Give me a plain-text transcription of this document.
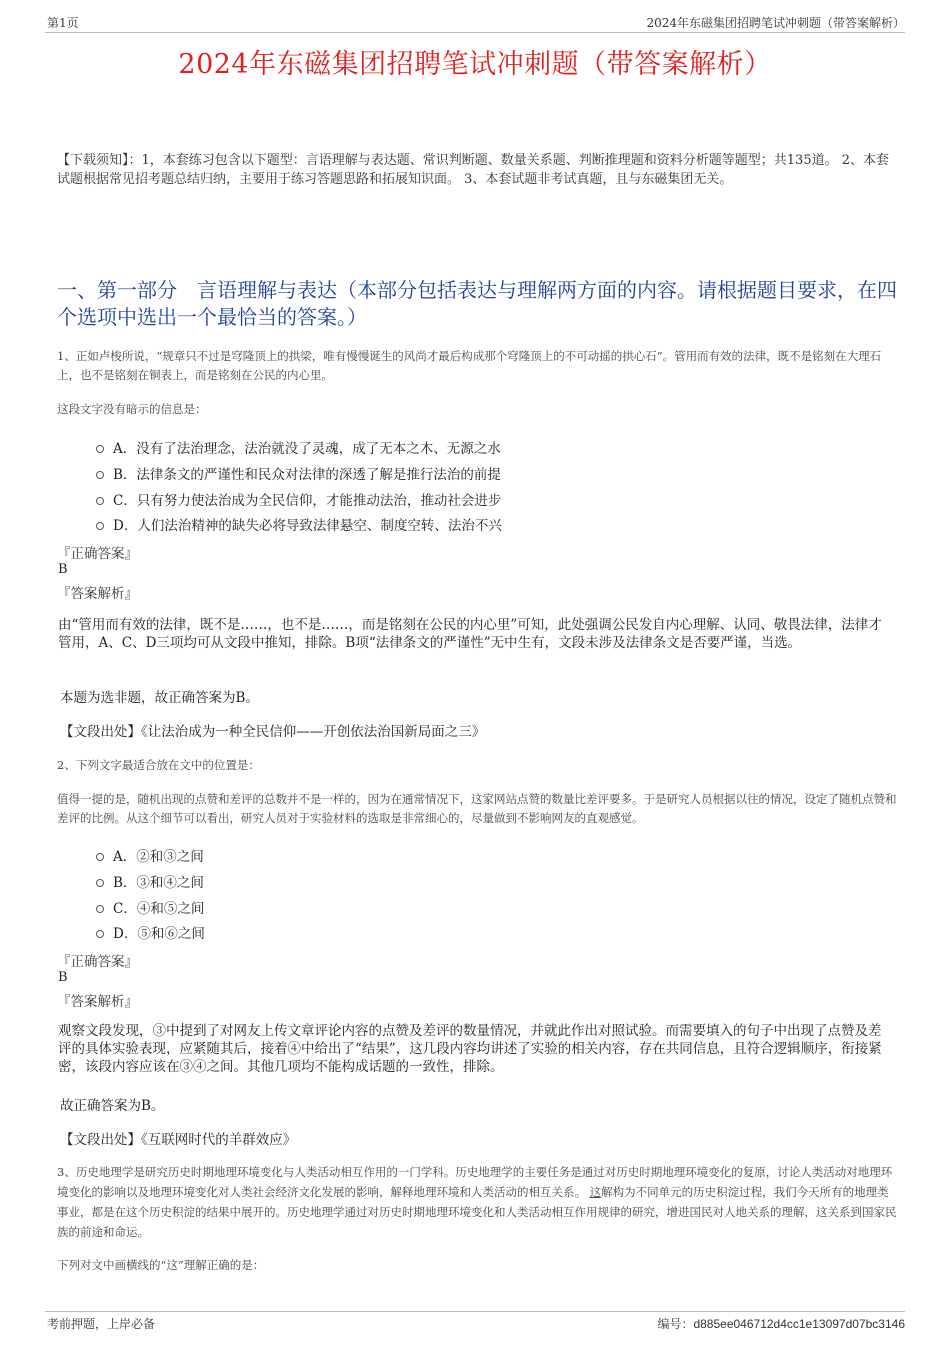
第1页	2024年东磁集团招聘笔试冲刺题（带答案解析）
2024年东磁集团招聘笔试冲刺题（带答案解析）
【下载须知】：1，本套练习包含以下题型：言语理解与表达题、常识判断题、数量关系题、判断推理题和资料分析题等题型；共135道。 2、本套试题根据常见招考题总结归纳，主要用于练习答题思路和拓展知识面。 3、本套试题非考试真题，且与东磁集团无关。
一、第一部分　言语理解与表达（本部分包括表达与理解两方面的内容。请根据题目要求，在四个选项中选出一个最恰当的答案。）
1、正如卢梭所说，“规章只不过是穹隆顶上的拱梁，唯有慢慢诞生的风尚才最后构成那个穹隆顶上的不可动摇的拱心石”。管用而有效的法律，既不是铭刻在大理石上，也不是铭刻在铜表上，而是铭刻在公民的内心里。
这段文字没有暗示的信息是：
A．没有了法治理念，法治就没了灵魂，成了无本之木、无源之水
B．法律条文的严谨性和民众对法律的深透了解是推行法治的前提
C．只有努力使法治成为全民信仰，才能推动法治，推动社会进步
D．人们法治精神的缺失必将导致法律悬空、制度空转、法治不兴
『正确答案』
B
『答案解析』
由“管用而有效的法律，既不是……，也不是……，而是铭刻在公民的内心里”可知，此处强调公民发自内心理解、认同、敬畏法律，法律才管用，A、C、D三项均可从文段中推知，排除。B项“法律条文的严谨性”无中生有，文段未涉及法律条文是否要严谨，当选。
本题为选非题，故正确答案为B。
【文段出处】《让法治成为一种全民信仰——开创依法治国新局面之三》
2、下列文字最适合放在文中的位置是：
值得一提的是，随机出现的点赞和差评的总数并不是一样的，因为在通常情况下，这家网站点赞的数量比差评要多。于是研究人员根据以往的情况，设定了随机点赞和差评的比例。从这个细节可以看出，研究人员对于实验材料的选取是非常细心的，尽量做到不影响网友的直观感觉。
A．②和③之间
B．③和④之间
C．④和⑤之间
D．⑤和⑥之间
『正确答案』
B
『答案解析』
观察文段发现，③中提到了对网友上传文章评论内容的点赞及差评的数量情况，并就此作出对照试验。而需要填入的句子中出现了点赞及差评的具体实验表现，应紧随其后，接着④中给出了“结果”，这几段内容均讲述了实验的相关内容，存在共同信息，且符合逻辑顺序，衔接紧密，该段内容应该在③④之间。其他几项均不能构成话题的一致性，排除。
故正确答案为B。
【文段出处】《互联网时代的羊群效应》
3、历史地理学是研究历史时期地理环境变化与人类活动相互作用的一门学科。历史地理学的主要任务是通过对历史时期地理环境变化的复原，讨论人类活动对地理环境变化的影响以及地理环境变化对人类社会经济文化发展的影响，解释地理环境和人类活动的相互关系。 这解构为不同单元的历史积淀过程，我们今天所有的地理类事业，都是在这个历史积淀的结果中展开的。历史地理学通过对历史时期地理环境变化和人类活动相互作用规律的研究，增进国民对人地关系的理解，这关系到国家民族的前途和命运。
下列对文中画横线的“这”理解正确的是：
考前押题，上岸必备	编号：d885ee046712d4cc1e13097d07bc3146
